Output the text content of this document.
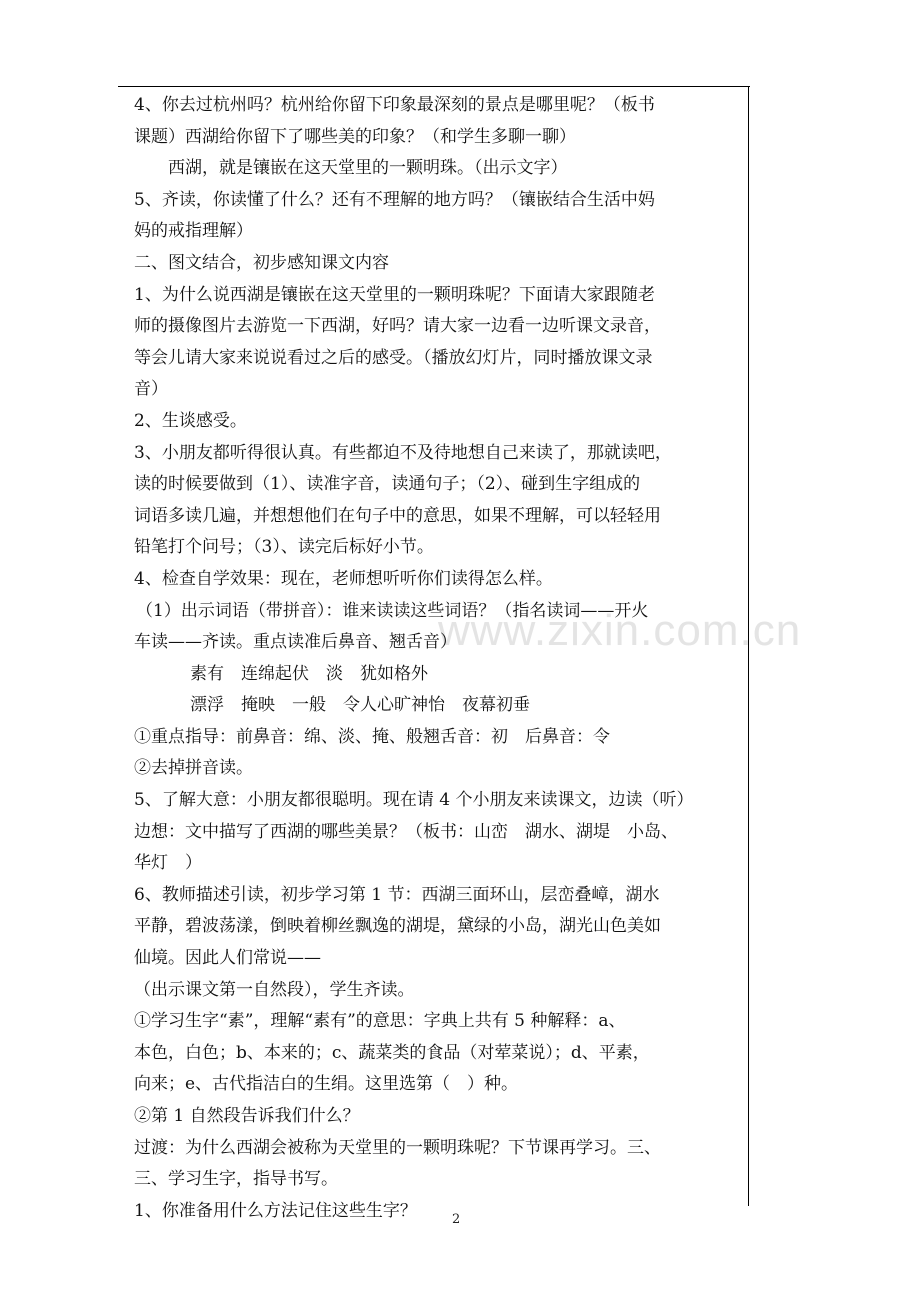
www.zixin.com.cn
4、你去过杭州吗？杭州给你留下印象最深刻的景点是哪里呢？（板书
课题）西湖给你留下了哪些美的印象？（和学生多聊一聊）
西湖，就是镶嵌在这天堂里的一颗明珠。（出示文字）
5、齐读，你读懂了什么？还有不理解的地方吗？（镶嵌结合生活中妈
妈的戒指理解）
二、图文结合，初步感知课文内容
1、为什么说西湖是镶嵌在这天堂里的一颗明珠呢？下面请大家跟随老
师的摄像图片去游览一下西湖，好吗？请大家一边看一边听课文录音，
等会儿请大家来说说看过之后的感受。（播放幻灯片，同时播放课文录
音）
2、生谈感受。
3、小朋友都听得很认真。有些都迫不及待地想自己来读了，那就读吧，
读的时候要做到（1）、读准字音，读通句子；（2）、碰到生字组成的
词语多读几遍，并想想他们在句子中的意思，如果不理解，可以轻轻用
铅笔打个问号；（3）、读完后标好小节。
4、检查自学效果：现在，老师想听听你们读得怎么样。
（1）出示词语（带拼音）：谁来读读这些词语？（指名读词——开火
车读——齐读。重点读准后鼻音、翘舌音）
素有　连绵起伏　淡　犹如格外
漂浮　掩映　一般　令人心旷神怡　夜幕初垂
①重点指导：前鼻音：绵、淡、掩、般翘舌音：初　后鼻音：令
②去掉拼音读。
5、了解大意：小朋友都很聪明。现在请 4 个小朋友来读课文，边读（听）
边想：文中描写了西湖的哪些美景？（板书：山峦　湖水、湖堤　小岛、
华灯　）
6、教师描述引读，初步学习第 1 节：西湖三面环山，层峦叠嶂，湖水
平静，碧波荡漾，倒映着柳丝飘逸的湖堤，黛绿的小岛，湖光山色美如
仙境。因此人们常说——
（出示课文第一自然段），学生齐读。
①学习生字“素”，理解“素有”的意思：字典上共有 5 种解释：a、
本色，白色；b、本来的；c、蔬菜类的食品（对荤菜说）；d、平素，
向来；e、古代指洁白的生绢。这里选第（　）种。
②第 1 自然段告诉我们什么？
过渡：为什么西湖会被称为天堂里的一颗明珠呢？下节课再学习。三、
三、学习生字，指导书写。
1、你准备用什么方法记住这些生字？	2
